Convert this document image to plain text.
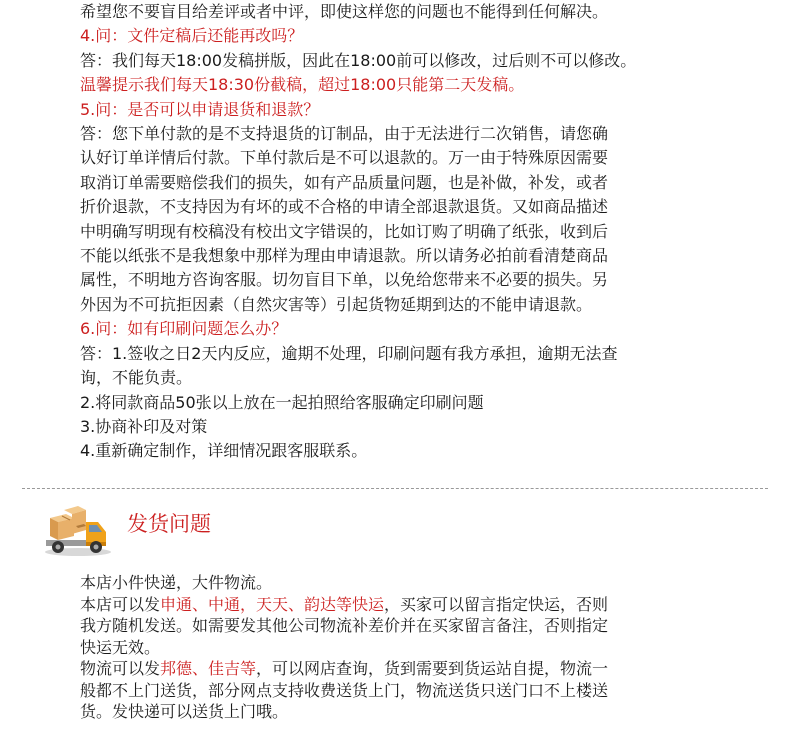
希望您不要盲目给差评或者中评，即使这样您的问题也不能得到任何解决。

4.问：文件定稿后还能再改吗？

答：我们每天18:00发稿拼版，因此在18:00前可以修改，过后则不可以修改。

温馨提示我们每天18:30份截稿，超过18:00只能第二天发稿。

5.问：是否可以申请退货和退款？

答：您下单付款的是不支持退货的订制品，由于无法进行二次销售，请您确

认好订单详情后付款。下单付款后是不可以退款的。万一由于特殊原因需要

取消订单需要赔偿我们的损失，如有产品质量问题，也是补做，补发，或者

折价退款，不支持因为有坏的或不合格的申请全部退款退货。又如商品描述

中明确写明现有校稿没有校出文字错误的，比如订购了明确了纸张，收到后

不能以纸张不是我想象中那样为理由申请退款。所以请务必拍前看清楚商品

属性，不明地方咨询客服。切勿盲目下单，以免给您带来不必要的损失。另

外因为不可抗拒因素（自然灾害等）引起货物延期到达的不能申请退款。

6.问：如有印刷问题怎么办？

答：1.签收之日2天内反应，逾期不处理，印刷问题有我方承担，逾期无法查

询，不能负责。

2.将同款商品50张以上放在一起拍照给客服确定印刷问题

3.协商补印及对策

4.重新确定制作，详细情况跟客服联系。

发货问题

本店小件快递，大件物流。

本店可以发申通、中通，天天、韵达等快运，买家可以留言指定快运，否则

我方随机发送。如需要发其他公司物流补差价并在买家留言备注，否则指定

快运无效。

物流可以发邦德、佳吉等，可以网店查询，货到需要到货运站自提，物流一

般都不上门送货，部分网点支持收费送货上门，物流送货只送门口不上楼送

货。发快递可以送货上门哦。
